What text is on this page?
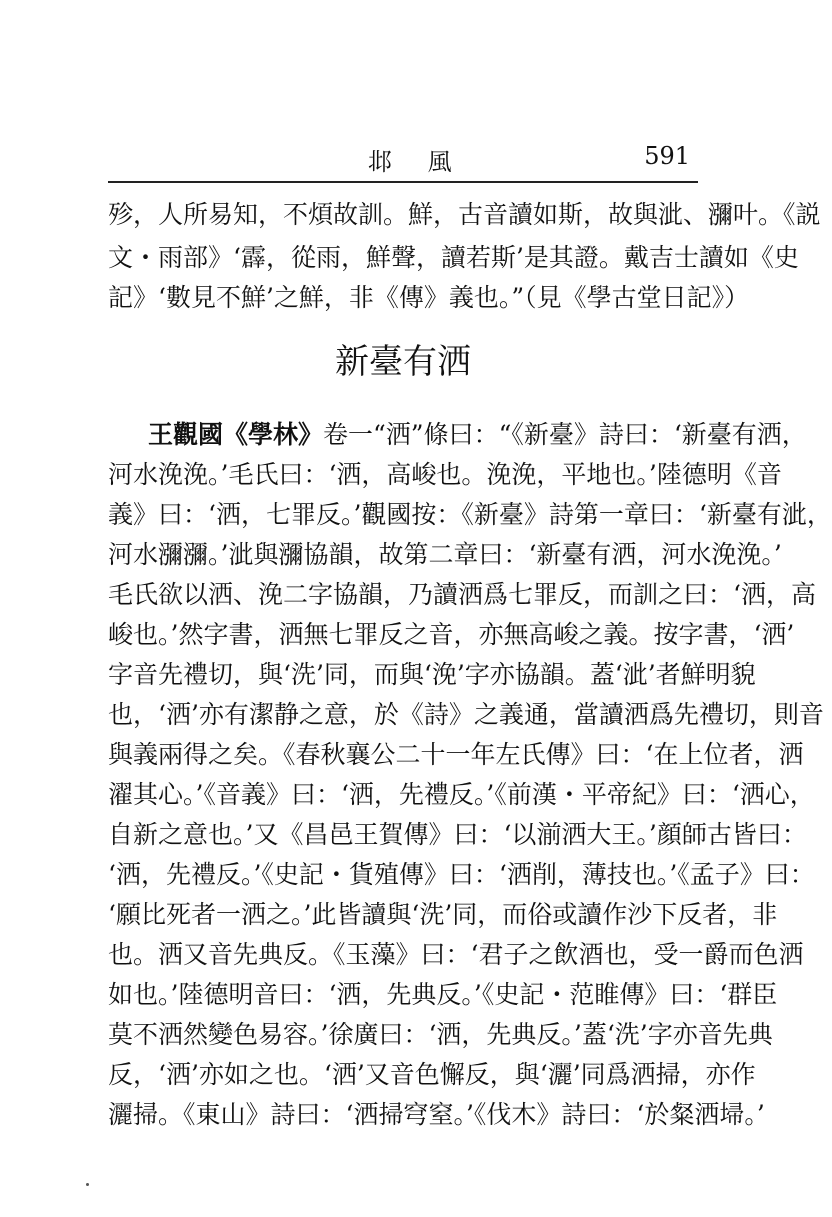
邶 風	591
殄，人所易知，不煩故訓。鮮，古音讀如斯，故與泚、瀰叶。《説
文・雨部》‘霹，從雨，鮮聲，讀若斯’是其證。戴吉士讀如《史
記》‘數見不鮮’之鮮，非《傳》義也。”（見《學古堂日記》）
新臺有洒
王觀國《學林》卷一“洒”條曰：“《新臺》詩曰：‘新臺有洒，
河水浼浼。’毛氏曰：‘洒，高峻也。浼浼，平地也。’陸德明《音
義》曰：‘洒，七罪反。’觀國按：《新臺》詩第一章曰：‘新臺有泚，
河水瀰瀰。’泚與瀰協韻，故第二章曰：‘新臺有洒，河水浼浼。’
毛氏欲以洒、浼二字協韻，乃讀洒爲七罪反，而訓之曰：‘洒，高
峻也。’然字書，洒無七罪反之音，亦無高峻之義。按字書，‘洒’
字音先禮切，與‘洗’同，而與‘浼’字亦協韻。蓋‘泚’者鮮明貌
也，‘洒’亦有潔静之意，於《詩》之義通，當讀洒爲先禮切，則音
與義兩得之矣。《春秋襄公二十一年左氏傳》曰：‘在上位者，洒
濯其心。’《音義》曰：‘洒，先禮反。’《前漢・平帝紀》曰：‘洒心，
自新之意也。’又《昌邑王賀傳》曰：‘以湔洒大王。’顔師古皆曰：
‘洒，先禮反。’《史記・貨殖傳》曰：‘洒削，薄技也。’《孟子》曰：
‘願比死者一洒之。’此皆讀與‘洗’同，而俗或讀作沙下反者，非
也。洒又音先典反。《玉藻》曰：‘君子之飲酒也，受一爵而色洒
如也。’陸德明音曰：‘洒，先典反。’《史記・范睢傳》曰：‘群臣
莫不洒然變色易容。’徐廣曰：‘洒，先典反。’蓋‘洗’字亦音先典
反，‘洒’亦如之也。‘洒’又音色懈反，與‘灑’同爲洒掃，亦作
灑掃。《東山》詩曰：‘洒掃穹窒。’《伐木》詩曰：‘於粲洒埽。’
